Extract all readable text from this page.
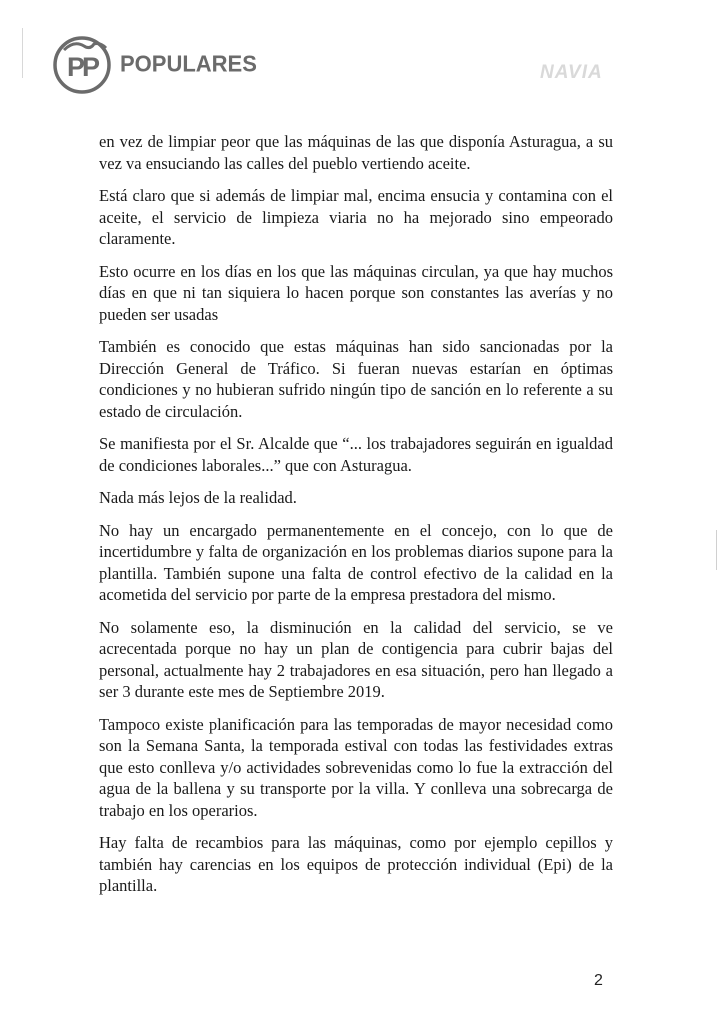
PP POPULARES	NAVIA

en vez de limpiar peor que las máquinas de las que disponía Asturagua, a su vez va ensuciando las calles del pueblo vertiendo aceite.

Está claro que si además de limpiar mal, encima ensucia y contamina con el aceite, el servicio de limpieza viaria no ha mejorado sino empeorado claramente.

Esto ocurre en los días en los que las máquinas circulan, ya que hay muchos días en que ni tan siquiera lo hacen porque son constantes las averías y no pueden ser usadas

También es conocido que estas máquinas han sido sancionadas por la Dirección General de Tráfico. Si fueran nuevas estarían en óptimas condiciones y no hubieran sufrido ningún tipo de sanción en lo referente a su estado de circulación.

Se manifiesta por el Sr. Alcalde que “... los trabajadores seguirán en igualdad de condiciones laborales...” que con Asturagua.

Nada más lejos de la realidad.

No hay un encargado permanentemente en el concejo, con lo que de incertidumbre y falta de organización en los problemas diarios supone para la plantilla. También supone una falta de control efectivo de la calidad en la acometida del servicio por parte de la empresa prestadora del mismo.

No solamente eso, la disminución en la calidad del servicio, se ve acrecentada porque no hay un plan de contigencia para cubrir bajas del personal, actualmente hay 2 trabajadores en esa situación, pero han llegado a ser 3 durante este mes de Septiembre 2019.

Tampoco existe planificación para las temporadas de mayor necesidad como son la Semana Santa, la temporada estival con todas las festividades extras que esto conlleva y/o actividades sobrevenidas como lo fue la extracción del agua de la ballena y su transporte por la villa. Y conlleva una sobrecarga de trabajo en los operarios.

Hay falta de recambios para las máquinas, como por ejemplo cepillos y también hay carencias en los equipos de protección individual (Epi) de la plantilla.

2
